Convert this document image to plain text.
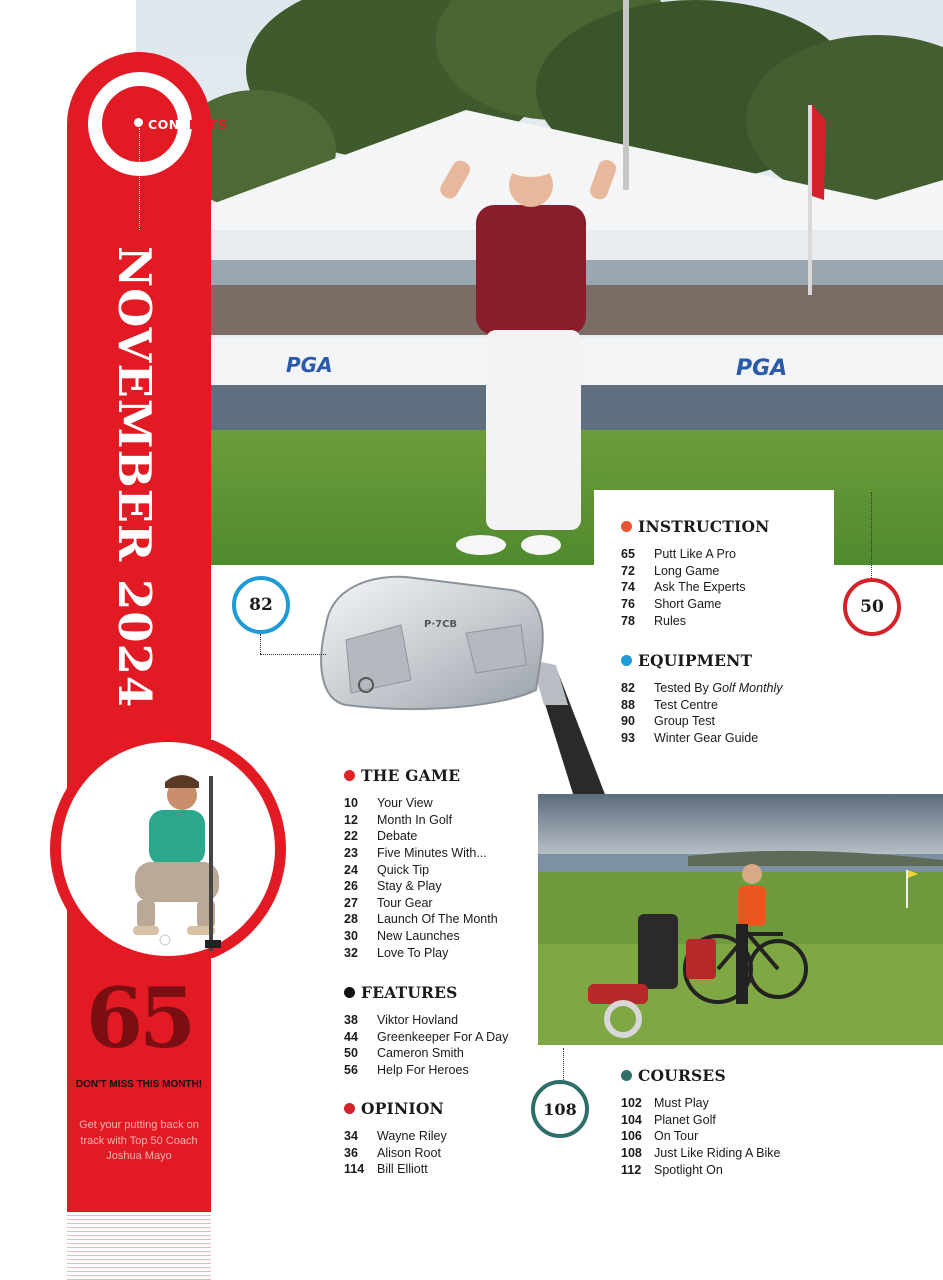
PGA	PGA
CONTENTS
NOVEMBER 2024
65
DON'T MISS THIS MONTH!
Get your putting back on track with Top 50 Coach Joshua Mayo
P·7CB
82	50
108
INSTRUCTION
65	Putt Like A Pro
72	Long Game
74	Ask The Experts
76	Short Game
78	Rules
EQUIPMENT
82	Tested By Golf Monthly
88	Test Centre
90	Group Test
93	Winter Gear Guide
THE GAME
10	Your View
12	Month In Golf
22	Debate
23	Five Minutes With...
24	Quick Tip
26	Stay & Play
27	Tour Gear
28	Launch Of The Month
30	New Launches
32	Love To Play
FEATURES
38	Viktor Hovland
44	Greenkeeper For A Day
50	Cameron Smith
56	Help For Heroes
OPINION
34	Wayne Riley
36	Alison Root
114	Bill Elliott
COURSES
102 Must Play
104 Planet Golf
106 On Tour
108 Just Like Riding A Bike
112	Spotlight On
